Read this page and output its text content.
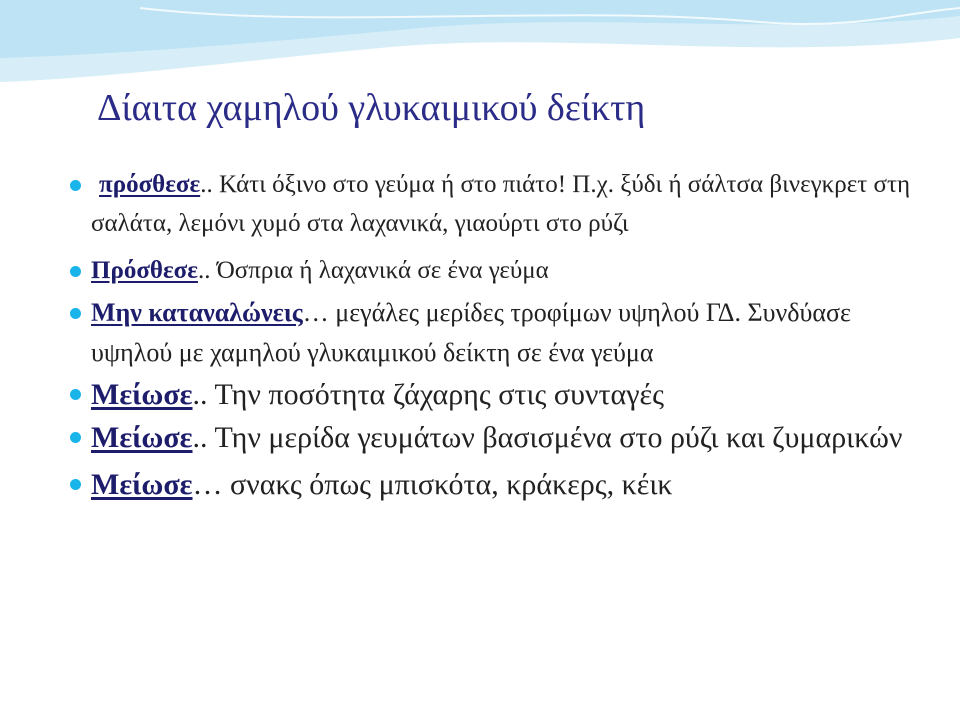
Δίαιτα χαμηλού γλυκαιμικού δείκτη
πρόσθεσε.. Κάτι όξινο στο γεύμα ή στο πιάτο! Π.χ. ξύδι ή σάλτσα βινεγκρετ στη σαλάτα, λεμόνι χυμό στα λαχανικά, γιαούρτι στο ρύζι
Πρόσθεσε.. Όσπρια ή λαχανικά σε ένα γεύμα
Μην καταναλώνεις… μεγάλες μερίδες τροφίμων υψηλού ΓΔ. Συνδύασε υψηλού με χαμηλού γλυκαιμικού δείκτη σε ένα γεύμα
Μείωσε.. Την ποσότητα ζάχαρης στις συνταγές
Μείωσε.. Την μερίδα γευμάτων βασισμένα στο ρύζι και ζυμαρικών
Μείωσε… σνακς όπως μπισκότα, κράκερς, κέικ
